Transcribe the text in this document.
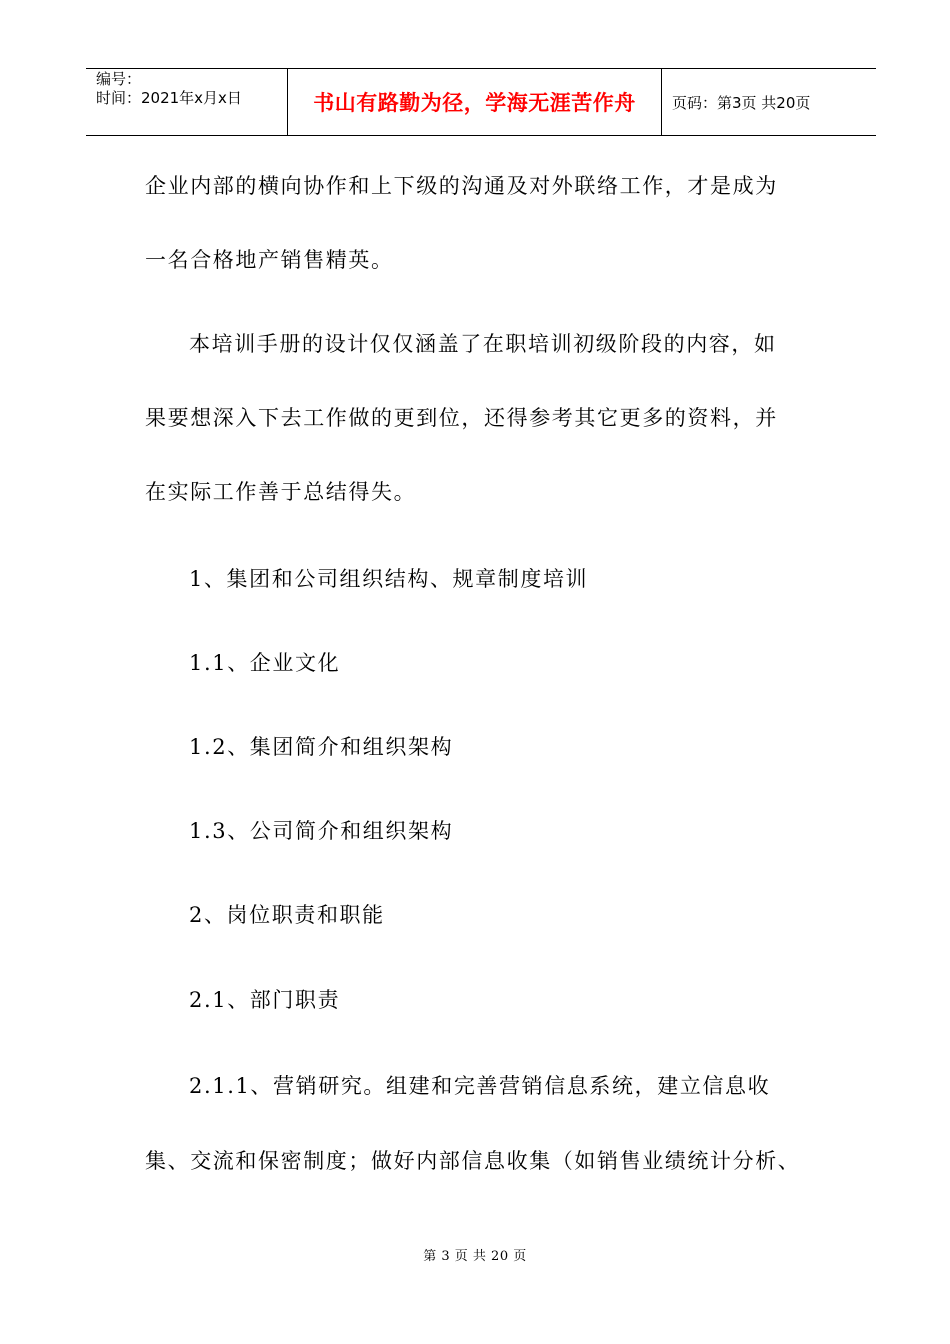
编号：
时间：2021年x月x日	书山有路勤为径，学海无涯苦作舟 页码：第3页 共20页
企业内部的横向协作和上下级的沟通及对外联络工作，才是成为
一名合格地产销售精英。
本培训手册的设计仅仅涵盖了在职培训初级阶段的内容，如
果要想深入下去工作做的更到位，还得参考其它更多的资料，并
在实际工作善于总结得失。
1、集团和公司组织结构、规章制度培训
1.1、企业文化
1.2、集团简介和组织架构
1.3、公司简介和组织架构
2、岗位职责和职能
2.1、部门职责
2.1.1、营销研究。组建和完善营销信息系统，建立信息收
集、交流和保密制度；做好内部信息收集（如销售业绩统计分析、
第 3 页 共 20 页
